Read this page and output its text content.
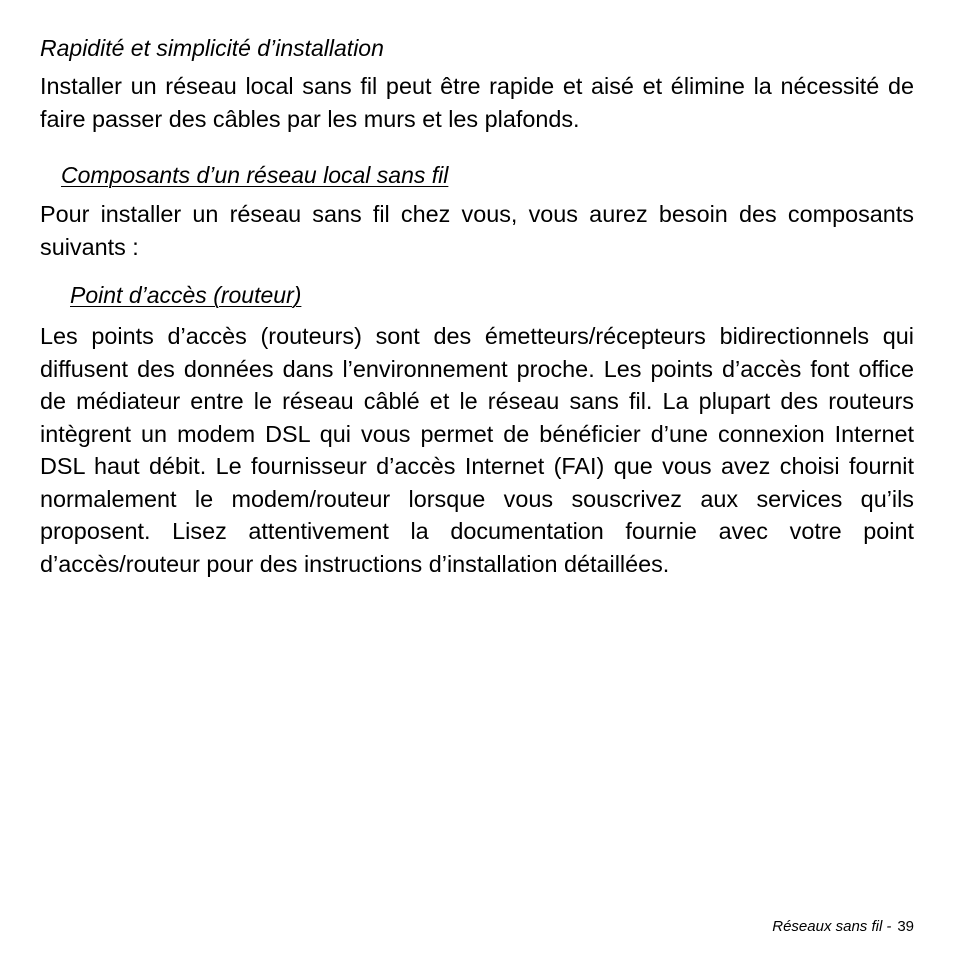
Rapidité et simplicité d’installation

Installer un réseau local sans fil peut être rapide et aisé et élimine la nécessité de faire passer des câbles par les murs et les plafonds.

Composants d’un réseau local sans fil

Pour installer un réseau sans fil chez vous, vous aurez besoin des composants suivants :

Point d’accès (routeur)

Les points d’accès (routeurs) sont des émetteurs/récepteurs bidirectionnels qui diffusent des données dans l’environnement proche. Les points d’accès font office de médiateur entre le réseau câblé et le réseau sans fil. La plupart des routeurs intègrent un modem DSL qui vous permet de bénéficier d’une connexion Internet DSL haut débit. Le fournisseur d’accès Internet (FAI) que vous avez choisi fournit normalement le modem/routeur lorsque vous souscrivez aux services qu’ils proposent. Lisez attentivement la documentation fournie avec votre point d’accès/routeur pour des instructions d’installation détaillées.

Réseaux sans fil - 39
